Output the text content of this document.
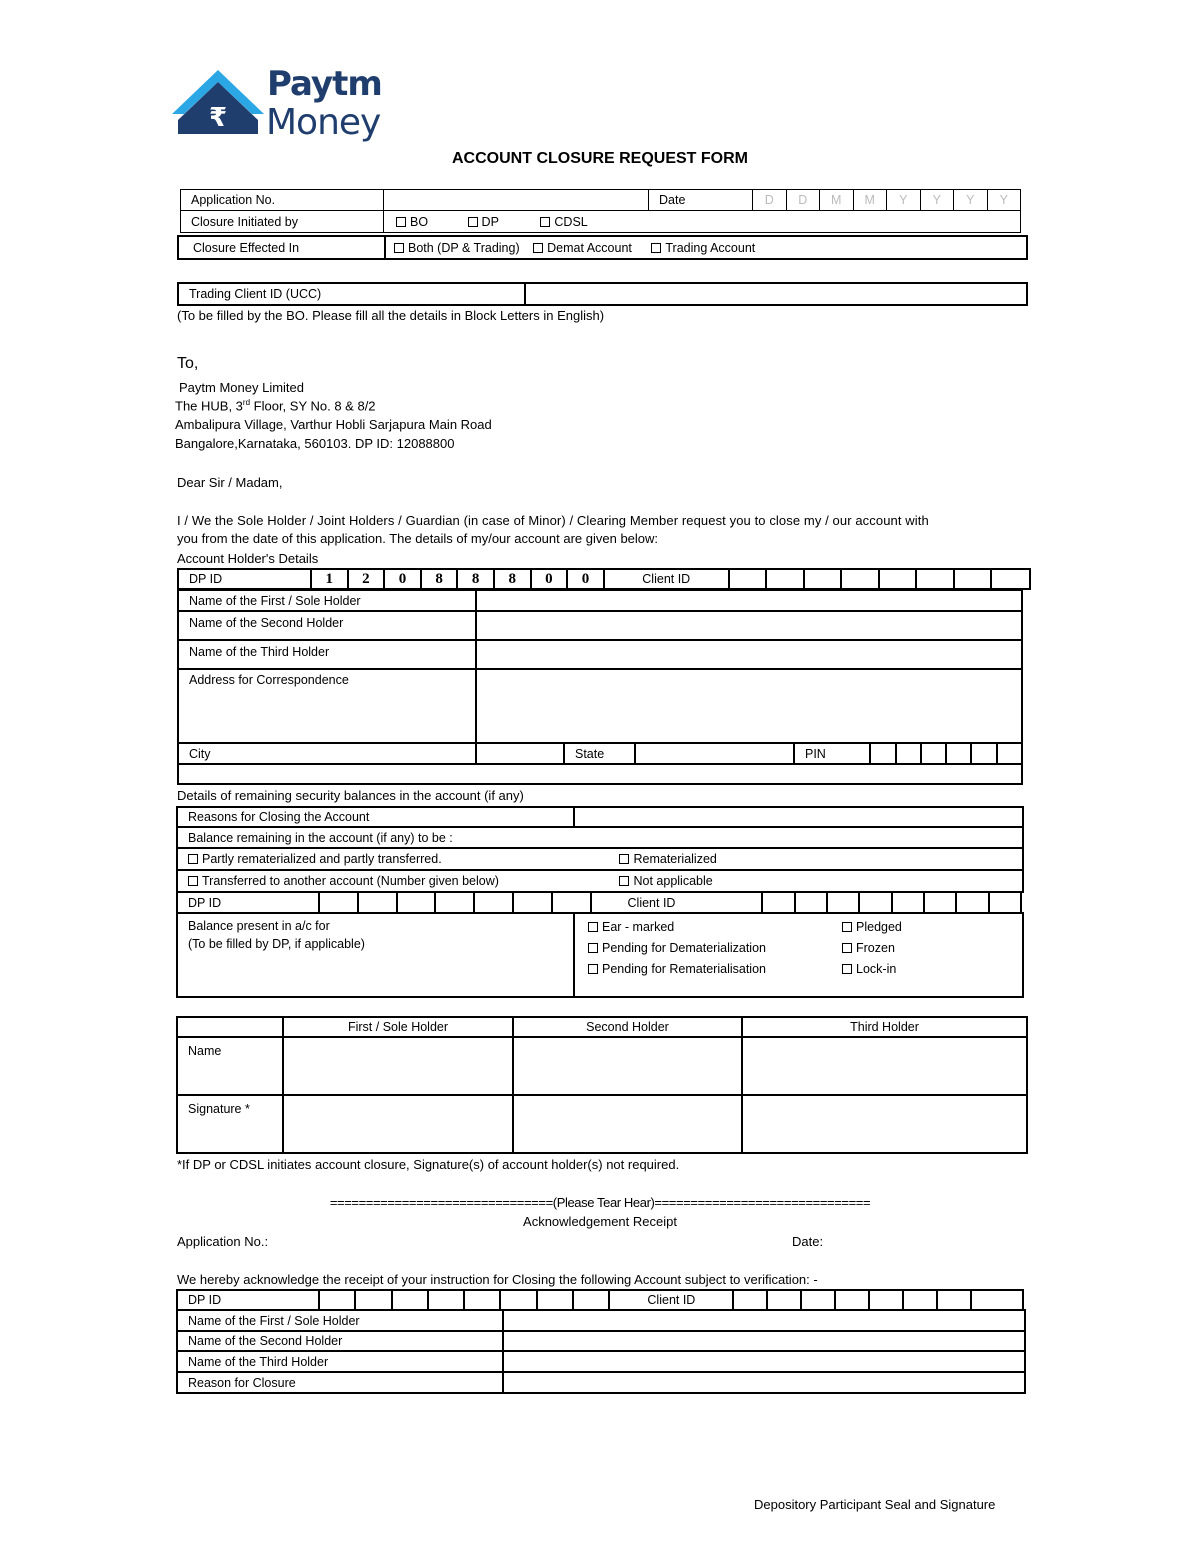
₹
Paytm
Money
ACCOUNT CLOSURE REQUEST FORM
Application No.		Date	D	D	M	M	Y	Y	Y	Y
Closure Initiated by	BO DP CDSL									
Closure Effected In	Both (DP & Trading) Demat Account	Trading Account
Trading Client ID (UCC)	
(To be filled by the BO. Please fill all the details in Block Letters in English)
To,
Paytm Money Limited
The HUB, 3rd Floor, SY No. 8 & 8/2
Ambalipura Village, Varthur Hobli Sarjapura Main Road
Bangalore,Karnataka, 560103. DP ID: 12088800
Dear Sir / Madam,
I / We the Sole Holder / Joint Holders / Guardian (in case of Minor) / Clearing Member request you to close my / our account with
you from the date of this application. The details of my/our account are given below:
Account Holder's Details
DP ID	1	2	0	8	8	8	0	0	Client ID								
Name of the First / Sole Holder										
Name of the Second Holder										
Name of the Third Holder										
Address for Correspondence										
City		State		PIN						

Details of remaining security balances in the account (if any)
Reasons for Closing the Account	
Balance remaining in the account (if any) to be :
Partly rematerialized and partly transferred.	Rematerialized
Transferred to another account (Number given below)	Not applicable
DP ID								Client ID								
Balance present in a/c for
(To be filled by DP, if applicable)

Ear - marked	Pledged
Pending for Dematerialization	Frozen
Pending for Rematerialisation	Lock-in
	First / Sole Holder	Second Holder	Third Holder
Name			
Signature *			
*If DP or CDSL initiates account closure, Signature(s) of account holder(s) not required.
===============================(Please Tear Hear)==============================
Acknowledgement Receipt
Application No.:	Date:
We hereby acknowledge the receipt of your instruction for Closing the following Account subject to verification: -
DP ID									Client ID								
Name of the First / Sole Holder	
Name of the Second Holder	
Name of the Third Holder	
Reason for Closure	
Depository Participant Seal and Signature
